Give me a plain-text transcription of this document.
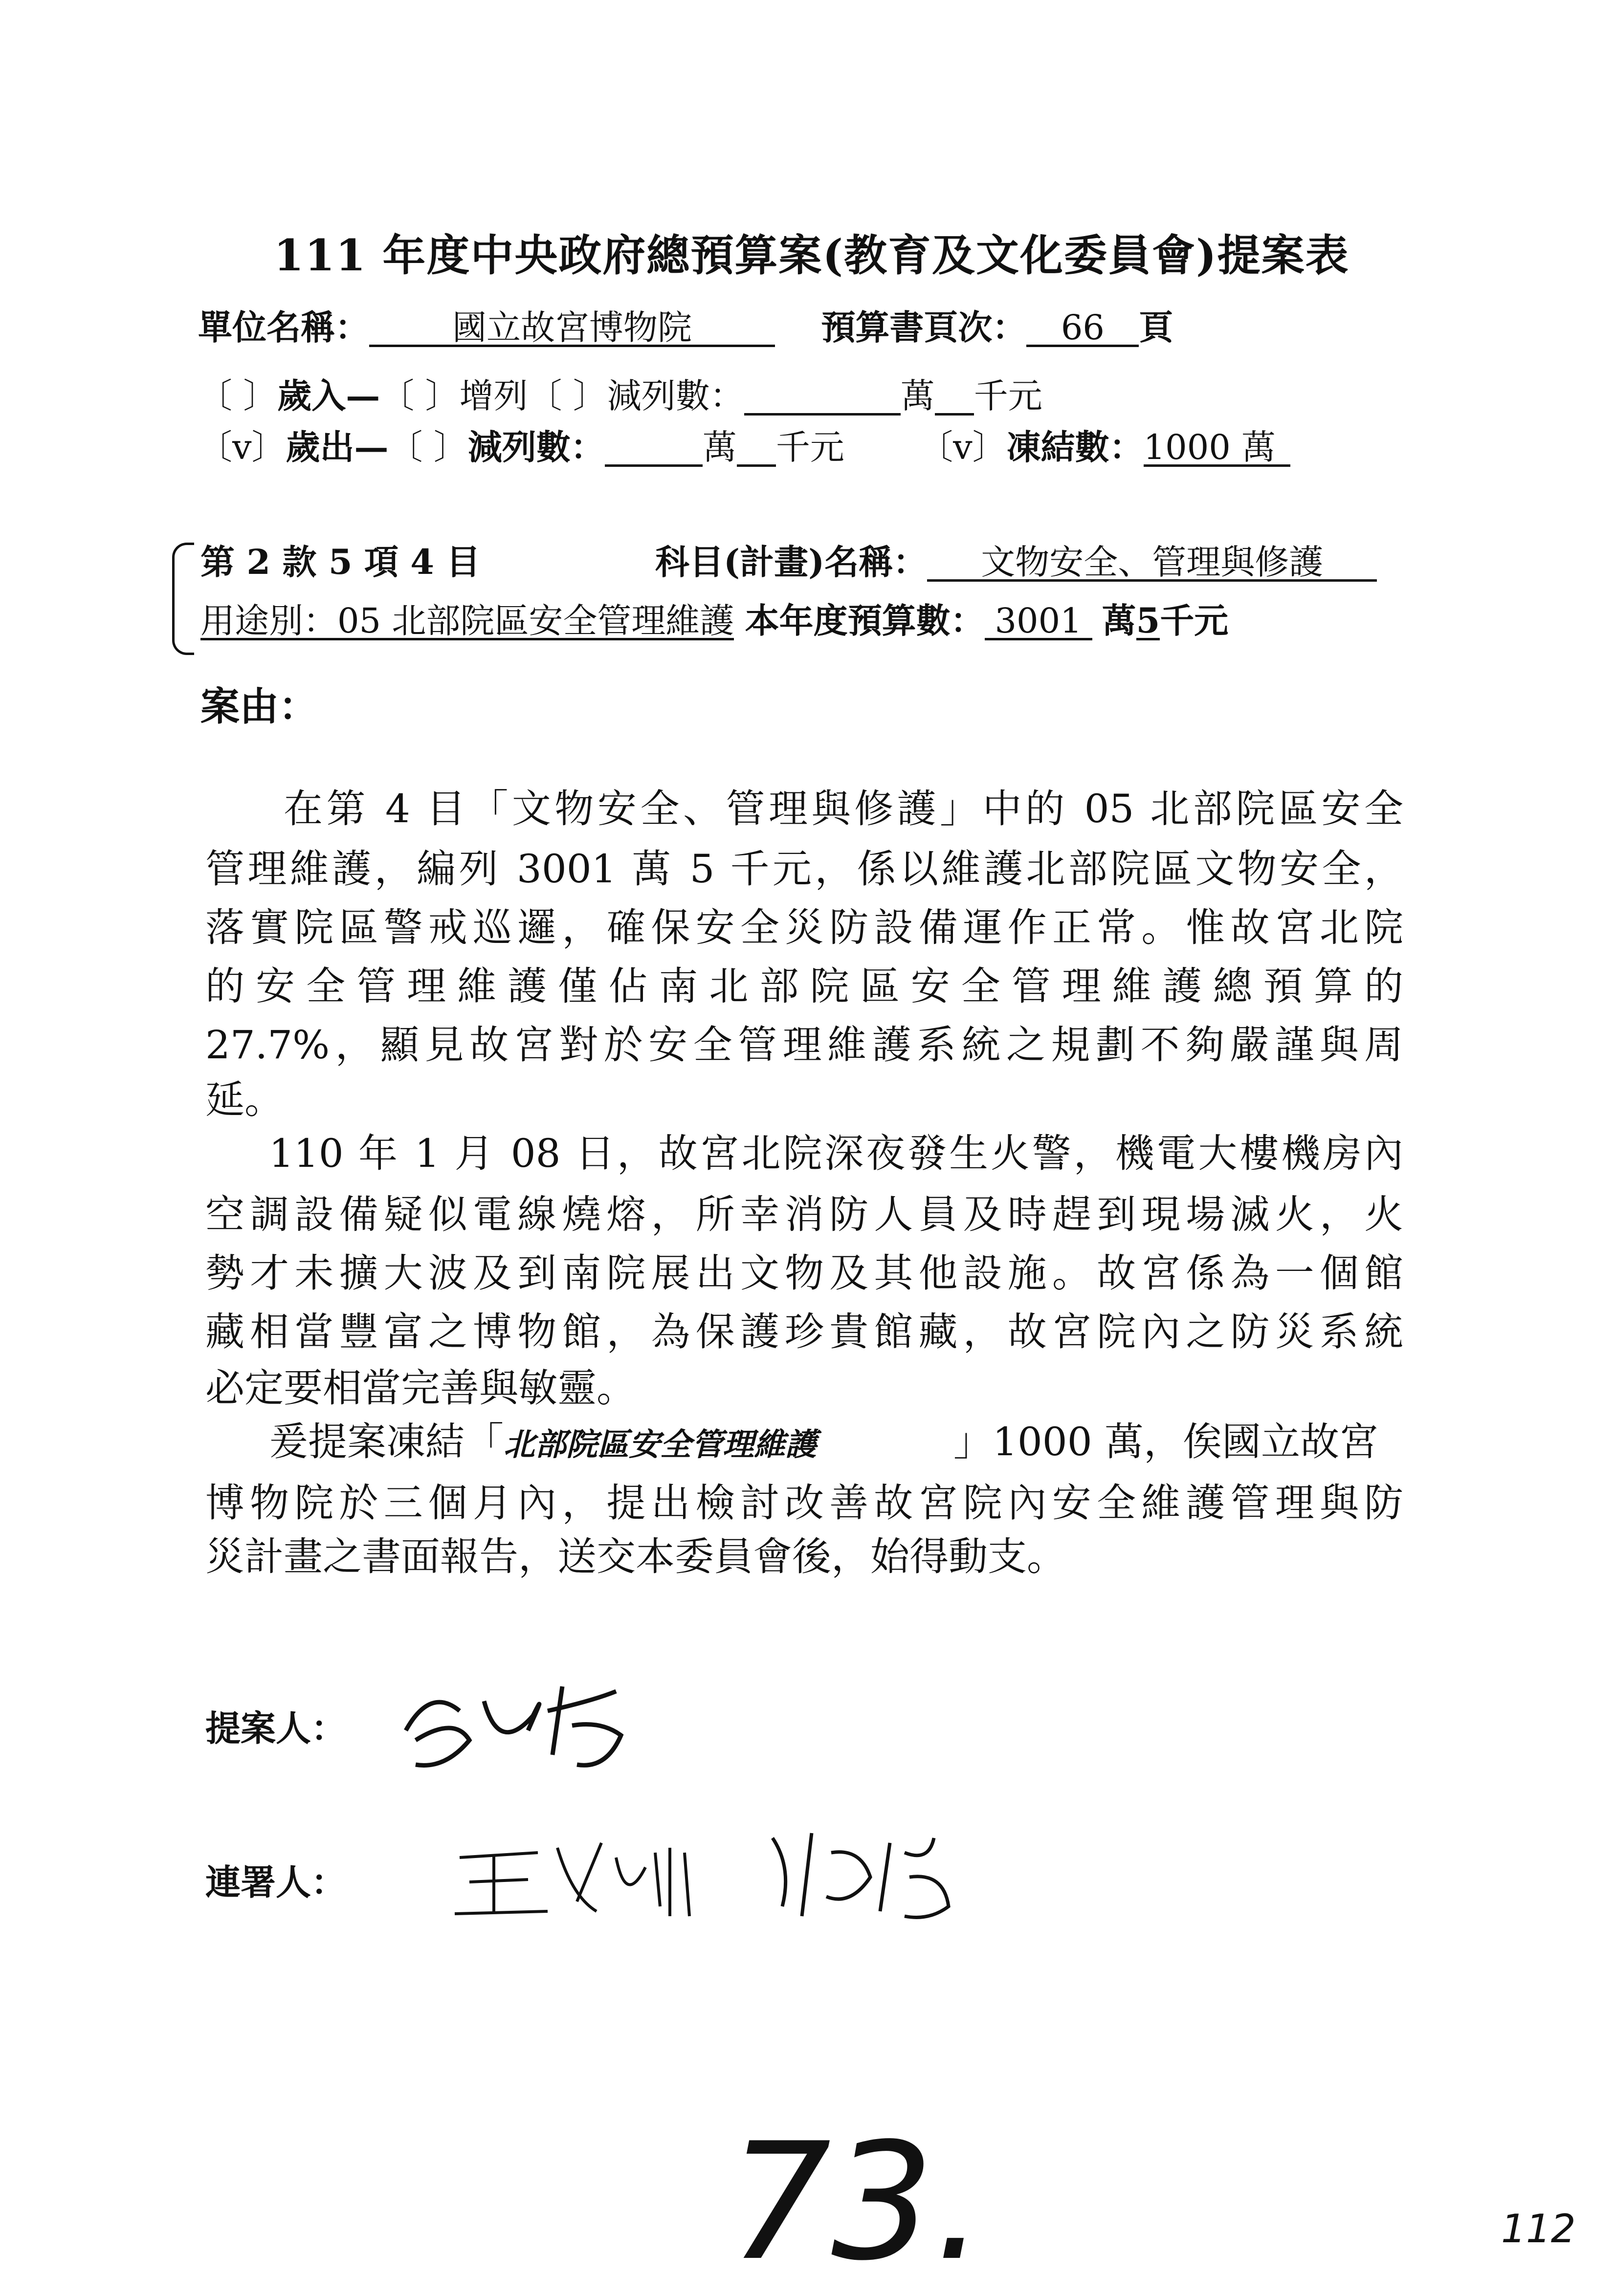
111 年度中央政府總預算案(教育及文化委員會)提案表
單位名稱： 國立故宮博物院	預算書頁次： 66 頁
〔 〕歲入—〔 〕增列〔 〕減列數：	萬 千元
〔v〕歲出—〔 〕減列數：	萬 千元 〔v〕凍結數：1000 萬
第 2 款 5 項 4 目	科目(計畫)名稱： 文物安全、管理與修護
用途別：05 北部院區安全管理維護 本年度預算數： 3001 萬5千元
案由：
在第 4 目「文物安全、管理與修護」中的 05 北部院區安全
管理維護，編列 3001 萬 5 千元，係以維護北部院區文物安全，
落實院區警戒巡邏，確保安全災防設備運作正常。惟故宮北院
的安全管理維護僅佔南北部院區安全管理維護總預算的
27.7%，顯見故宮對於安全管理維護系統之規劃不夠嚴謹與周
延。
110 年 1 月 08 日，故宮北院深夜發生火警，機電大樓機房內
空調設備疑似電線燒熔，所幸消防人員及時趕到現場滅火，火
勢才未擴大波及到南院展出文物及其他設施。故宮係為一個館
藏相當豐富之博物館，為保護珍貴館藏，故宮院內之防災系統
必定要相當完善與敏靈。
爰提案凍結「北部院區安全管理維護	」1000 萬，俟國立故宮
博物院於三個月內，提出檢討改善故宮院內安全維護管理與防
災計畫之書面報告，送交本委員會後，始得動支。
提案人：
連署人：
73.	112
